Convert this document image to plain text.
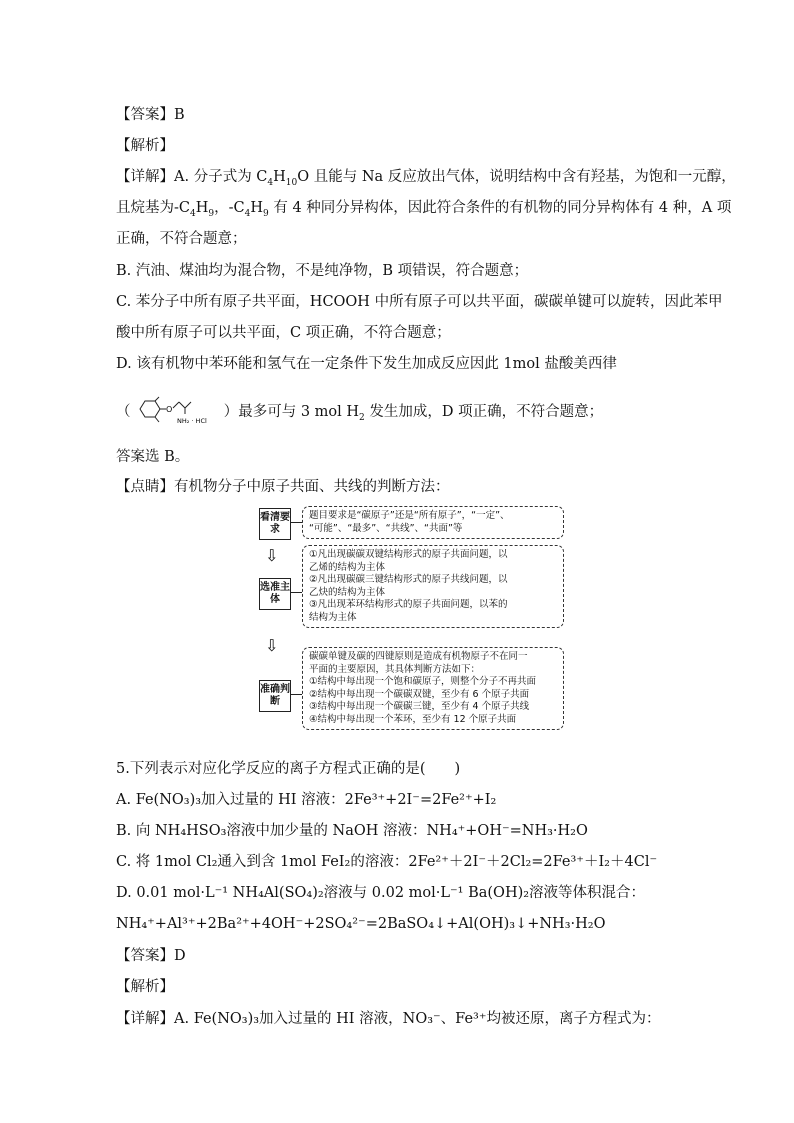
【答案】B
【解析】
【详解】A. 分子式为 $C_4H_{10}O$ 且能与 Na 反应放出气体，说明结构中含有羟基，为饱和一元醇，
且烷基为$-C_4H_9$，$-C_4H_9$ 有 4 种同分异构体，因此符合条件的有机物的同分异构体有 4 种，A 项
正确，不符合题意；
B. 汽油、煤油均为混合物，不是纯净物，B 项错误，符合题意；
C. 苯分子中所有原子共平面，HCOOH 中所有原子可以共平面，碳碳单键可以旋转，因此苯甲
酸中所有原子可以共平面，C 项正确，不符合题意；
D. 该有机物中苯环能和氢气在一定条件下发生加成反应因此 1mol 盐酸美西律
（	O
NH₂ · HCl
）最多可与 3 mol $H_2$ 发生加成，D 项正确，不符合题意；
答案选 B。
【点睛】有机物分子中原子共面、共线的判断方法：
看清要求
题目要求是“碳原子”还是“所有原子”，“一定”、
“可能”、“最多”、“共线”、“共面”等
⇩
选准主体
①凡出现碳碳双键结构形式的原子共面问题，以
乙烯的结构为主体
②凡出现碳碳三键结构形式的原子共线问题，以
乙炔的结构为主体
③凡出现苯环结构形式的原子共面问题，以苯的
结构为主体
⇩
准确判断
碳碳单键及碳的四键原则是造成有机物原子不在同一
平面的主要原因，其具体判断方法如下：
①结构中每出现一个饱和碳原子，则整个分子不再共面
②结构中每出现一个碳碳双键，至少有 6 个原子共面
③结构中每出现一个碳碳三键，至少有 4 个原子共线
④结构中每出现一个苯环，至少有 12 个原子共面
5.下列表示对应化学反应的离子方程式正确的是(　　)
A. Fe(NO₃)₃加入过量的 HI 溶液：2Fe³⁺+2I⁻=2Fe²⁺+I₂
B. 向 NH₄HSO₃溶液中加少量的 NaOH 溶液：NH₄⁺+OH⁻=NH₃·H₂O
C. 将 1mol Cl₂通入到含 1mol FeI₂的溶液：2Fe²⁺＋2I⁻＋2Cl₂=2Fe³⁺＋I₂＋4Cl⁻
D. 0.01 mol·L⁻¹ NH₄Al(SO₄)₂溶液与 0.02 mol·L⁻¹ Ba(OH)₂溶液等体积混合：
NH₄⁺+Al³⁺+2Ba²⁺+4OH⁻+2SO₄²⁻=2BaSO₄↓+Al(OH)₃↓+NH₃·H₂O
【答案】D
【解析】
【详解】A. Fe(NO₃)₃加入过量的 HI 溶液，NO₃⁻、Fe³⁺均被还原，离子方程式为：
